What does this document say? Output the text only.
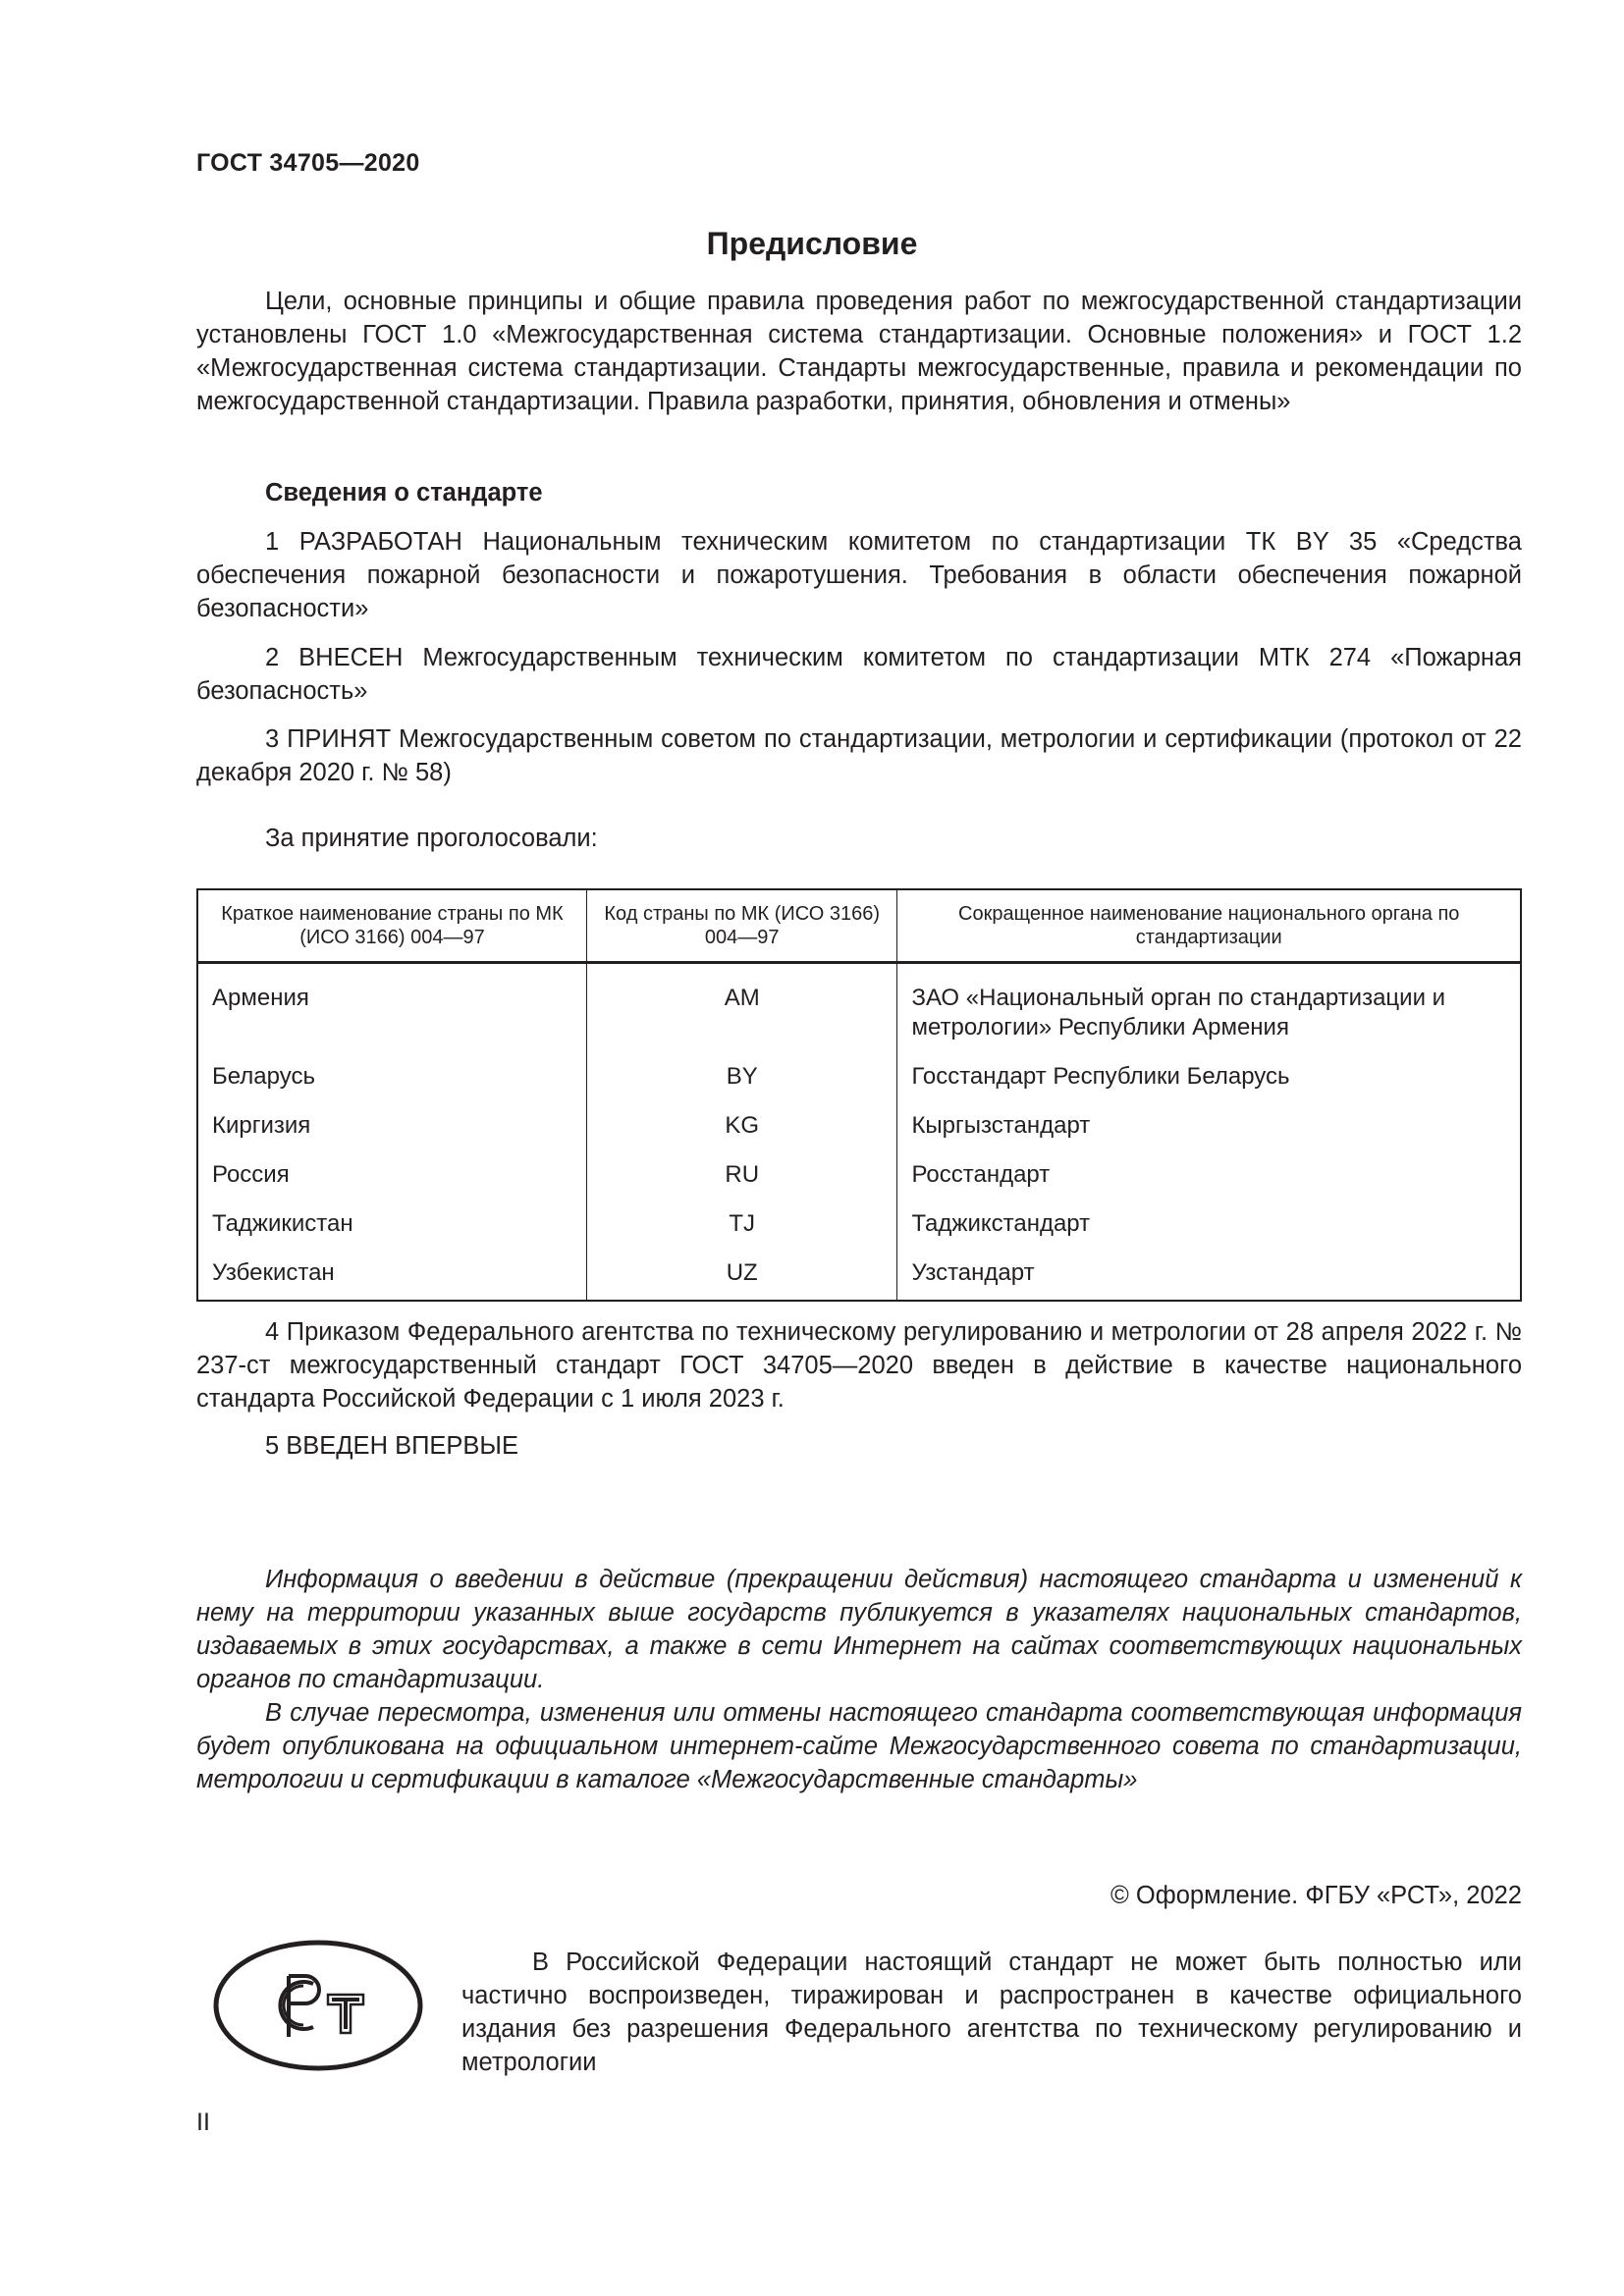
ГОСТ 34705—2020
Предисловие
Цели, основные принципы и общие правила проведения работ по межгосударственной стандартизации установлены ГОСТ 1.0 «Межгосударственная система стандартизации. Основные положения» и ГОСТ 1.2 «Межгосударственная система стандартизации. Стандарты межгосударственные, правила и рекомендации по межгосударственной стандартизации. Правила разработки, принятия, обновления и отмены»
Сведения о стандарте
1 РАЗРАБОТАН Национальным техническим комитетом по стандартизации ТК BY 35 «Средства обеспечения пожарной безопасности и пожаротушения. Требования в области обеспечения пожарной безопасности»
2 ВНЕСЕН Межгосударственным техническим комитетом по стандартизации МТК 274 «Пожарная безопасность»
3 ПРИНЯТ Межгосударственным советом по стандартизации, метрологии и сертификации (протокол от 22 декабря 2020 г. № 58)
За принятие проголосовали:
Краткое наименование страны по МК (ИСО 3166) 004—97	Код страны по МК (ИСО 3166) 004—97	Сокращенное наименование национального органа по стандартизации
Армения	AM	ЗАО «Национальный орган по стандартизации и метрологии» Республики Армения
Беларусь	BY	Госстандарт Республики Беларусь
Киргизия	KG	Кыргызстандарт
Россия	RU	Росстандарт
Таджикистан	TJ	Таджикстандарт
Узбекистан	UZ	Узстандарт
4 Приказом Федерального агентства по техническому регулированию и метрологии от 28 апреля 2022 г. № 237-ст межгосударственный стандарт ГОСТ 34705—2020 введен в действие в качестве национального стандарта Российской Федерации с 1 июля 2023 г.
5 ВВЕДЕН ВПЕРВЫЕ
Информация о введении в действие (прекращении действия) настоящего стандарта и изменений к нему на территории указанных выше государств публикуется в указателях национальных стандартов, издаваемых в этих государствах, а также в сети Интернет на сайтах соответствующих национальных органов по стандартизации.
В случае пересмотра, изменения или отмены настоящего стандарта соответствующая информация будет опубликована на официальном интернет-сайте Межгосударственного совета по стандартизации, метрологии и сертификации в каталоге «Межгосударственные стандарты»
© Оформление. ФГБУ «РСТ», 2022
В Российской Федерации настоящий стандарт не может быть полностью или частично воспроизведен, тиражирован и распространен в качестве официального издания без разрешения Федерального агентства по техническому регулированию и метрологии
II
